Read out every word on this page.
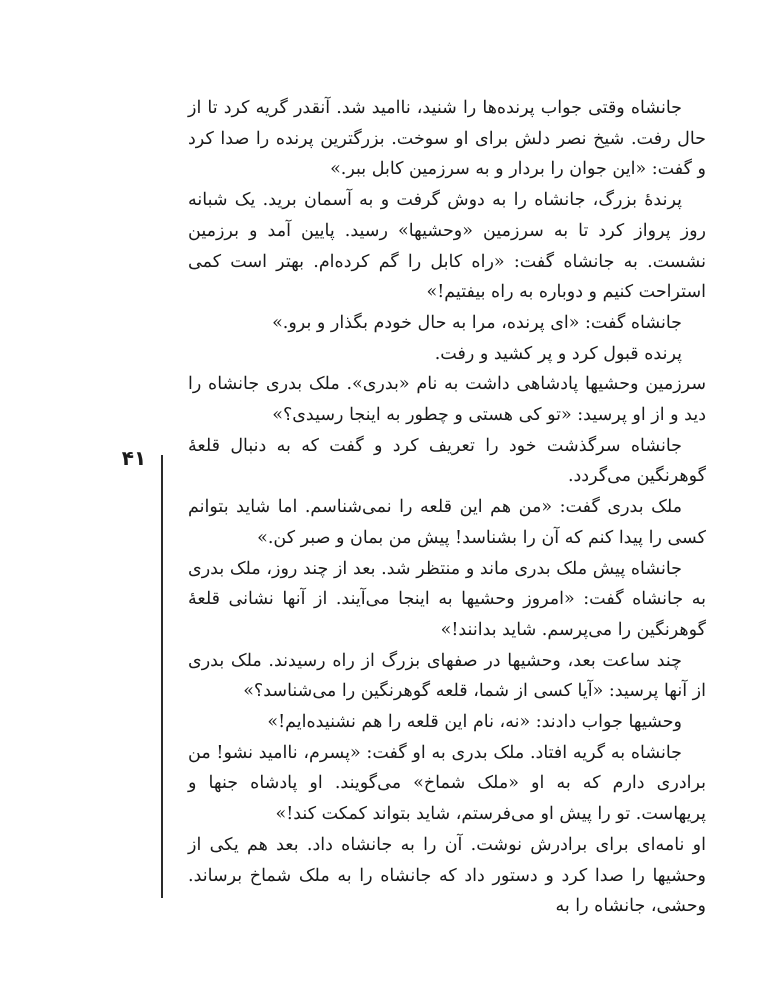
۴۱

جانشاه وقتی جواب پرنده‌ها را شنید، ناامید شد. آنقدر گریه کرد تا از حال رفت. شیخ نصر دلش برای او سوخت. بزرگترین پرنده را صدا کرد و گفت: «این جوان را بردار و به سرزمین کابل ببر.»

پرندهٔ بزرگ، جانشاه را به دوش گرفت و به آسمان برید. یک شبانه روز پرواز کرد تا به سرزمین «وحشیها» رسید. پایین آمد و برزمین نشست. به جانشاه گفت: «راه کابل را گم کرده‌ام. بهتر است کمی استراحت کنیم و دوباره به راه بیفتیم!»

جانشاه گفت: «ای پرنده، مرا به حال خودم بگذار و برو.»

پرنده قبول کرد و پر کشید و رفت.

سرزمین وحشیها پادشاهی داشت به نام «بدری». ملک بدری جانشاه را دید و از او پرسید: «تو کی هستی و چطور به اینجا رسیدی؟»

جانشاه سرگذشت خود را تعریف کرد و گفت که به دنبال قلعهٔ گوهرنگین می‌گردد.

ملک بدری گفت: «من هم این قلعه را نمی‌شناسم. اما شاید بتوانم کسی را پیدا کنم که آن را بشناسد! پیش من بمان و صبر کن.»

جانشاه پیش ملک بدری ماند و منتظر شد. بعد از چند روز، ملک بدری به جانشاه گفت: «امروز وحشیها به اینجا می‌آیند. از آنها نشانی قلعهٔ گوهرنگین را می‌پرسم. شاید بدانند!»

چند ساعت بعد، وحشیها در صفهای بزرگ از راه رسیدند. ملک بدری از آنها پرسید: «آیا کسی از شما، قلعه گوهرنگین را می‌شناسد؟»

وحشیها جواب دادند: «نه، نام این قلعه را هم نشنیده‌ایم!»

جانشاه به گریه افتاد. ملک بدری به او گفت: «پسرم، ناامید نشو! من برادری دارم که به او «ملک شماخ» می‌گویند. او پادشاه جنها و پریهاست. تو را پیش او می‌فرستم، شاید بتواند کمکت کند!»

او نامه‌ای برای برادرش نوشت. آن را به جانشاه داد. بعد هم یکی از وحشیها را صدا کرد و دستور داد که جانشاه را به ملک شماخ برساند. وحشی، جانشاه را به
